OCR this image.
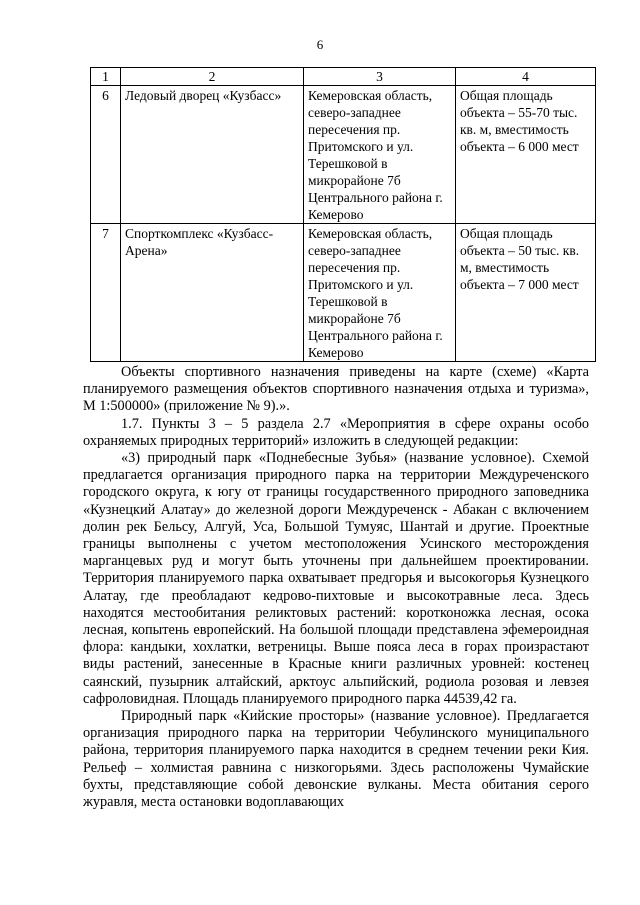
6
1	2	3	4
6	Ледовый дворец «Кузбасс»	Кемеровская область, северо-западнее пересечения пр. Притомского и ул. Терешковой в микрорайоне 7б Центрального района г. Кемерово	Общая площадь объекта – 55-70 тыс. кв. м, вместимость объекта – 6 000 мест
7	Спорткомплекс «Кузбасс-Арена»	Кемеровская область, северо-западнее пересечения пр. Притомского и ул. Терешковой в микрорайоне 7б Центрального района г. Кемерово	Общая площадь объекта – 50 тыс. кв. м, вместимость объекта – 7 000 мест

Объекты спортивного назначения приведены на карте (схеме) «Карта планируемого размещения объектов спортивного назначения отдыха и туризма», М 1:500000» (приложение № 9).».

1.7. Пункты 3 – 5 раздела 2.7 «Мероприятия в сфере охраны особо охраняемых природных территорий» изложить в следующей редакции:

«3) природный парк «Поднебесные Зубья» (название условное). Схемой предлагается организация природного парка на территории Междуреченского городского округа, к югу от границы государственного природного заповедника «Кузнецкий Алатау» до железной дороги Междуреченск - Абакан с включением долин рек Бельсу, Алгуй, Уса, Большой Тумуяс, Шантай и другие. Проектные границы выполнены с учетом местоположения Усинского месторождения марганцевых руд и могут быть уточнены при дальнейшем проектировании. Территория планируемого парка охватывает предгорья и высокогорья Кузнецкого Алатау, где преобладают кедрово-пихтовые и высокотравные леса. Здесь находятся местообитания реликтовых растений: коротконожка лесная, осока лесная, копытень европейский. На большой площади представлена эфемероидная флора: кандыки, хохлатки, ветреницы. Выше пояса леса в горах произрастают виды растений, занесенные в Красные книги различных уровней: костенец саянский, пузырник алтайский, арктоус альпийский, родиола розовая и левзея сафроловидная. Площадь планируемого природного парка 44539,42 га.

Природный парк «Кийские просторы» (название условное). Предлагается организация природного парка на территории Чебулинского муниципального района, территория планируемого парка находится в среднем течении реки Кия. Рельеф – холмистая равнина с низкогорьями. Здесь расположены Чумайские бухты, представляющие собой девонские вулканы. Места обитания серого журавля, места остановки водоплавающих
